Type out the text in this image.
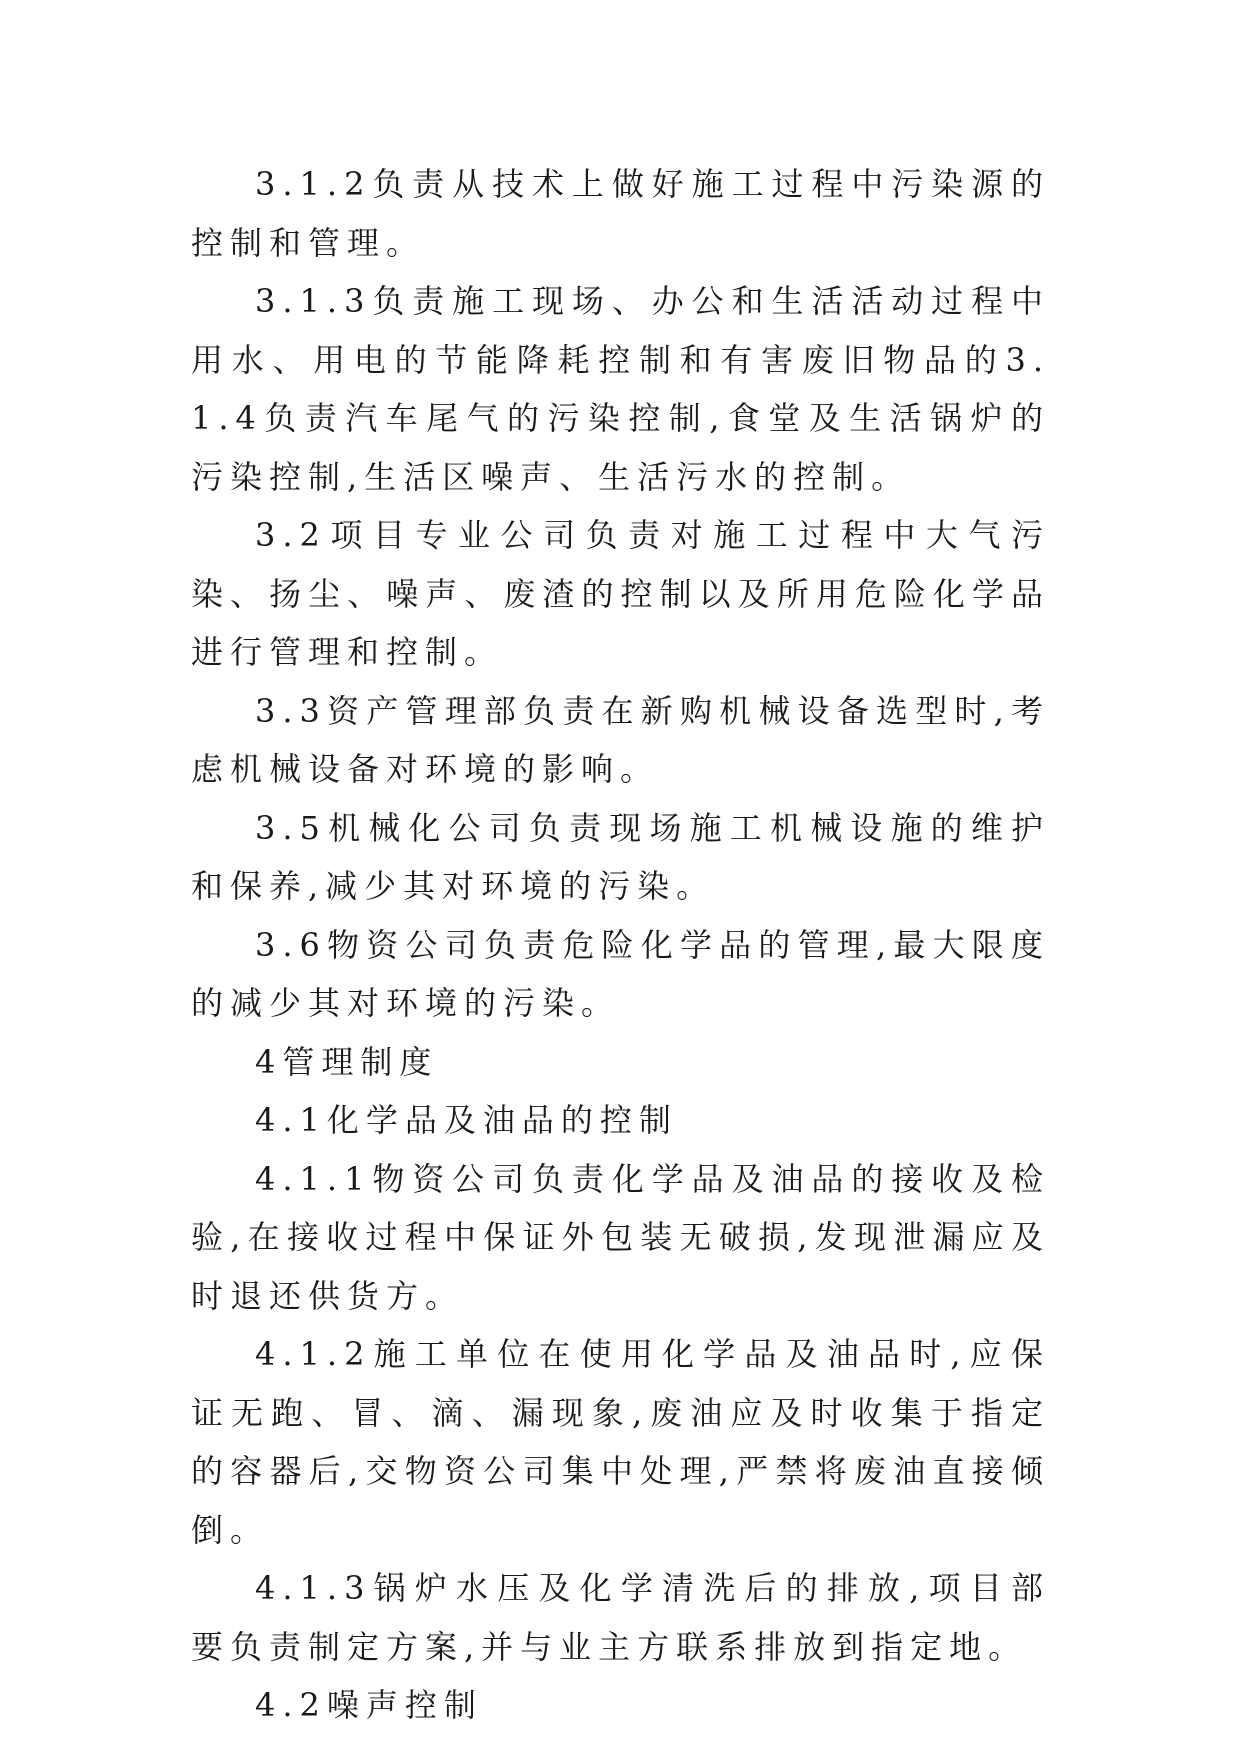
3.1.2负责从技术上做好施工过程中污染源的控制和管理。

3.1.3负责施工现场、办公和生活活动过程中用水、用电的节能降耗控制和有害废旧物品的3.1.4负责汽车尾气的污染控制,食堂及生活锅炉的污染控制,生活区噪声、生活污水的控制。

3.2项目专业公司负责对施工过程中大气污染、扬尘、噪声、废渣的控制以及所用危险化学品进行管理和控制。

3.3资产管理部负责在新购机械设备选型时,考虑机械设备对环境的影响。

3.5机械化公司负责现场施工机械设施的维护和保养,减少其对环境的污染。

3.6物资公司负责危险化学品的管理,最大限度的减少其对环境的污染。

4管理制度

4.1化学品及油品的控制

4.1.1物资公司负责化学品及油品的接收及检验,在接收过程中保证外包装无破损,发现泄漏应及时退还供货方。

4.1.2施工单位在使用化学品及油品时,应保证无跑、冒、滴、漏现象,废油应及时收集于指定的容器后,交物资公司集中处理,严禁将废油直接倾倒。

4.1.3锅炉水压及化学清洗后的排放,项目部要负责制定方案,并与业主方联系排放到指定地。

4.2噪声控制
